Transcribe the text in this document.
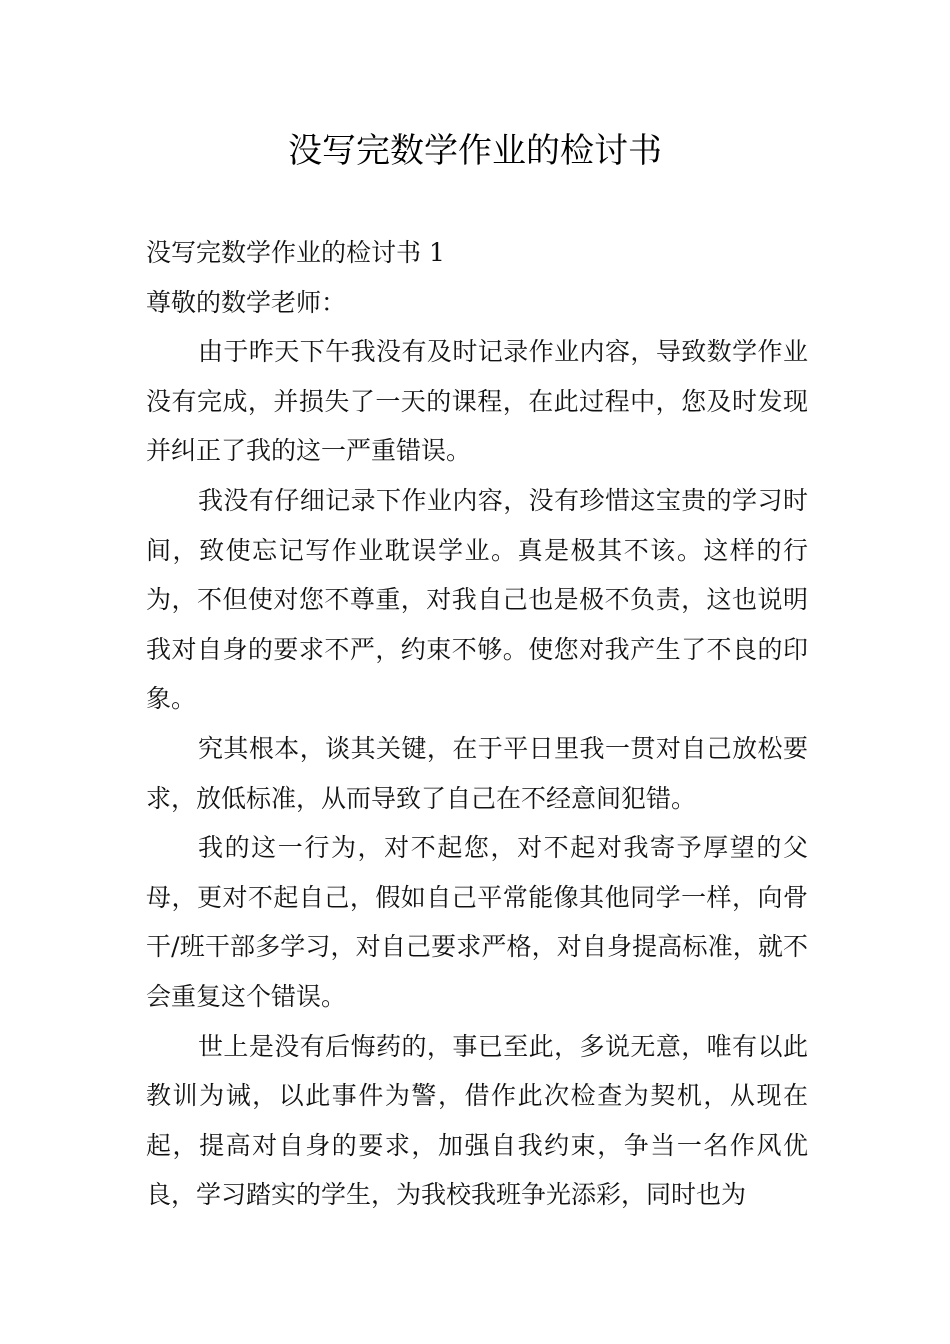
没写完数学作业的检讨书

没写完数学作业的检讨书 1

尊敬的数学老师：

由于昨天下午我没有及时记录作业内容，导致数学作业没有完成，并损失了一天的课程，在此过程中，您及时发现并纠正了我的这一严重错误。

我没有仔细记录下作业内容，没有珍惜这宝贵的学习时间，致使忘记写作业耽误学业。真是极其不该。这样的行为，不但使对您不尊重，对我自己也是极不负责，这也说明我对自身的要求不严，约束不够。使您对我产生了不良的印象。

究其根本，谈其关键，在于平日里我一贯对自己放松要求，放低标准，从而导致了自己在不经意间犯错。

我的这一行为，对不起您，对不起对我寄予厚望的父母，更对不起自己，假如自己平常能像其他同学一样，向骨干/班干部多学习，对自己要求严格，对自身提高标准，就不会重复这个错误。

世上是没有后悔药的，事已至此，多说无意，唯有以此教训为诫，以此事件为警，借作此次检查为契机，从现在起，提高对自身的要求，加强自我约束，争当一名作风优良，学习踏实的学生，为我校我班争光添彩，同时也为
